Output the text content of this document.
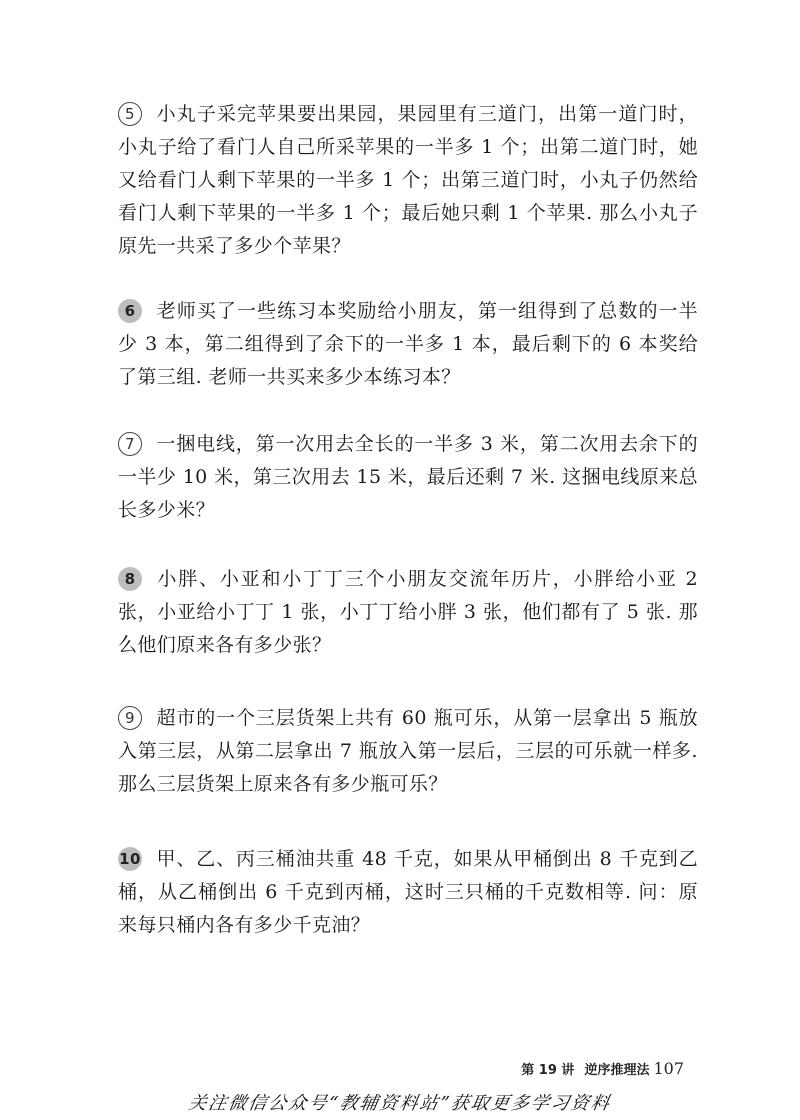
5 小丸子采完苹果要出果园，果园里有三道门，出第一道门时，小丸子给了看门人自己所采苹果的一半多 1 个；出第二道门时，她又给看门人剩下苹果的一半多 1 个；出第三道门时，小丸子仍然给看门人剩下苹果的一半多 1 个；最后她只剩 1 个苹果. 那么小丸子原先一共采了多少个苹果？
6 老师买了一些练习本奖励给小朋友，第一组得到了总数的一半少 3 本，第二组得到了余下的一半多 1 本，最后剩下的 6 本奖给了第三组. 老师一共买来多少本练习本？
7 一捆电线，第一次用去全长的一半多 3 米，第二次用去余下的一半少 10 米，第三次用去 15 米，最后还剩 7 米. 这捆电线原来总长多少米？
8 小胖、小亚和小丁丁三个小朋友交流年历片，小胖给小亚 2 张，小亚给小丁丁 1 张，小丁丁给小胖 3 张，他们都有了 5 张. 那么他们原来各有多少张？
9 超市的一个三层货架上共有 60 瓶可乐，从第一层拿出 5 瓶放入第三层，从第二层拿出 7 瓶放入第一层后，三层的可乐就一样多. 那么三层货架上原来各有多少瓶可乐？
10 甲、乙、丙三桶油共重 48 千克，如果从甲桶倒出 8 千克到乙桶，从乙桶倒出 6 千克到丙桶，这时三只桶的千克数相等. 问：原来每只桶内各有多少千克油？
第 19 讲 逆序推理法 107
关注微信公众号“教辅资料站”获取更多学习资料
